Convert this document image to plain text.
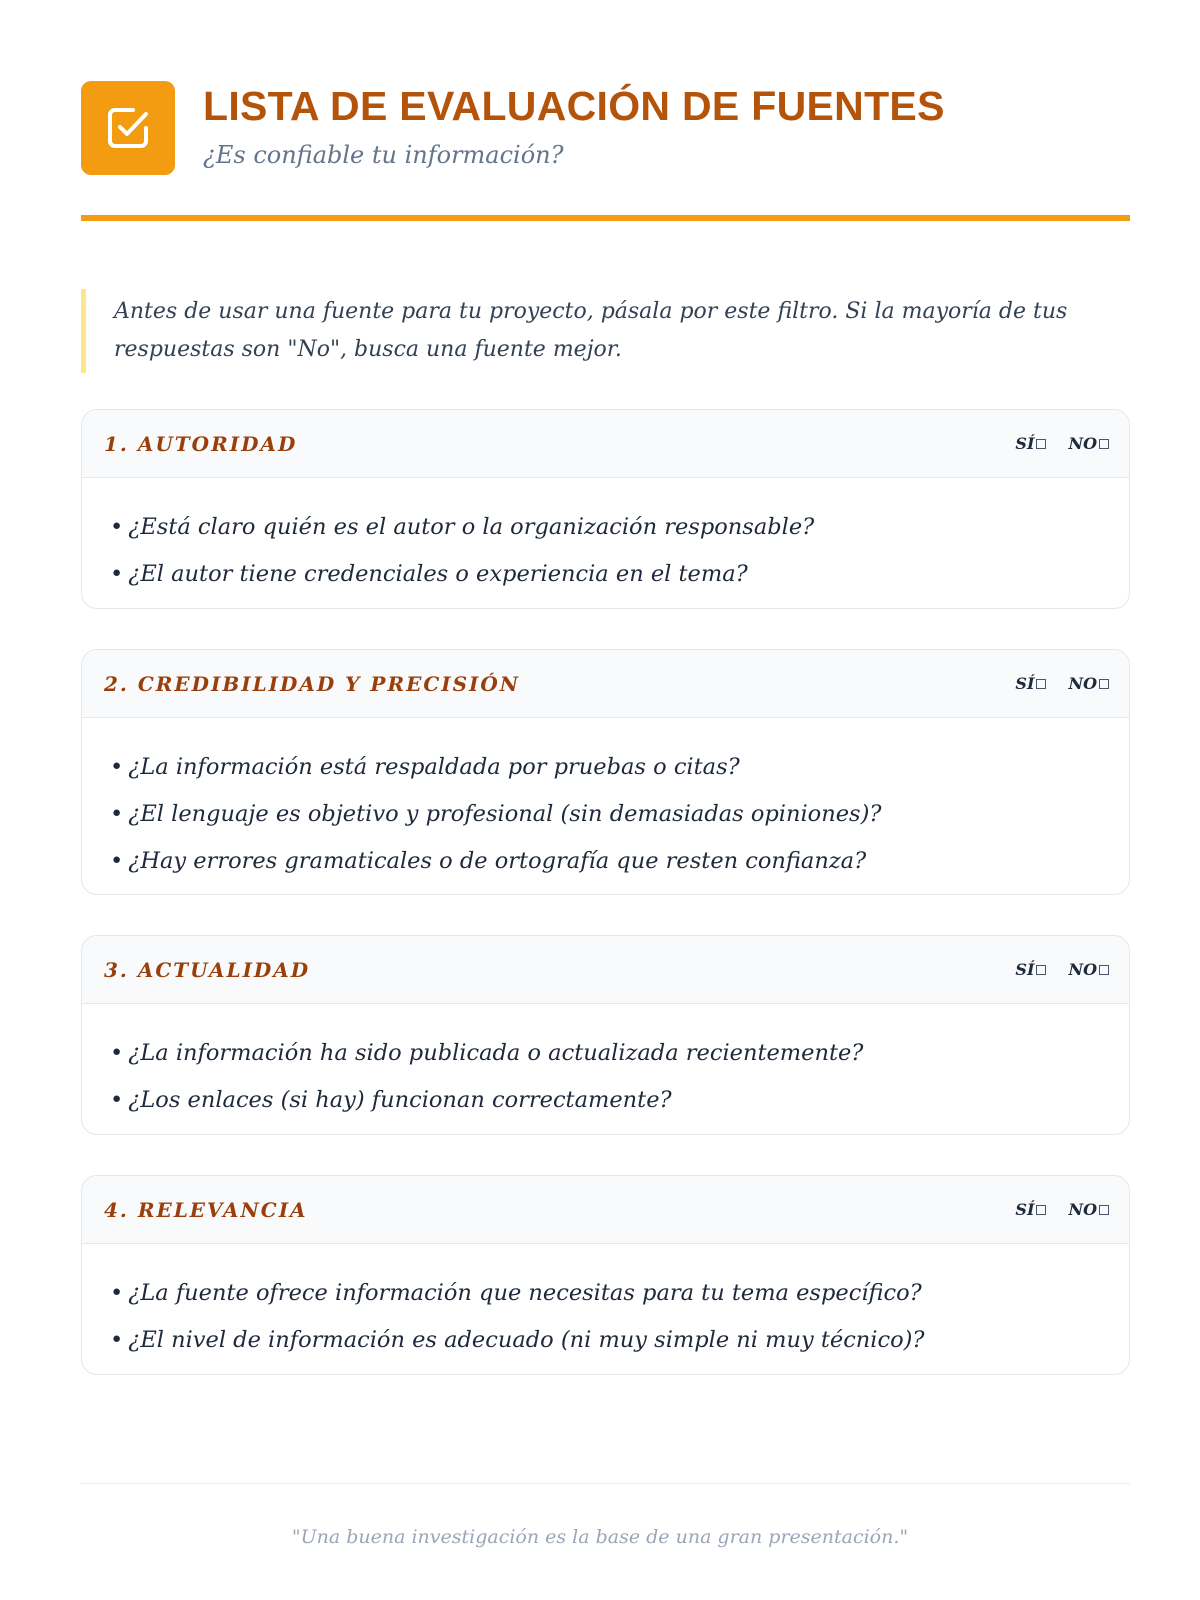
LISTA DE EVALUACIÓN DE FUENTES
¿Es confiable tu información?
Antes de usar una fuente para tu proyecto, pásala por este filtro. Si la mayoría de tus respuestas son "No", busca una fuente mejor.
1. AUTORIDAD	SÍ	NO
• ¿Está claro quién es el autor o la organización responsable?
• ¿El autor tiene credenciales o experiencia en el tema?
2. CREDIBILIDAD Y PRECISIÓN	SÍ	NO
• ¿La información está respaldada por pruebas o citas?
• ¿El lenguaje es objetivo y profesional (sin demasiadas opiniones)?
• ¿Hay errores gramaticales o de ortografía que resten confianza?
3. ACTUALIDAD	SÍ	NO
• ¿La información ha sido publicada o actualizada recientemente?
• ¿Los enlaces (si hay) funcionan correctamente?
4. RELEVANCIA	SÍ	NO
• ¿La fuente ofrece información que necesitas para tu tema específico?
• ¿El nivel de información es adecuado (ni muy simple ni muy técnico)?
"Una buena investigación es la base de una gran presentación."
